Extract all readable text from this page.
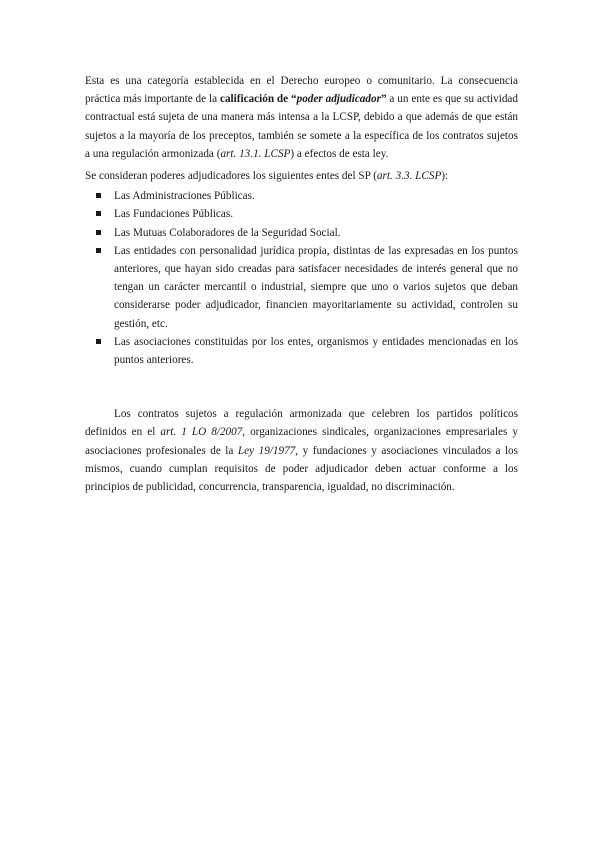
Esta es una categoría establecida en el Derecho europeo o comunitario. La consecuencia práctica más importante de la calificación de “poder adjudicador” a un ente es que su actividad contractual está sujeta de una manera más intensa a la LCSP, debido a que además de que están sujetos a la mayoría de los preceptos, también se somete a la específica de los contratos sujetos a una regulación armonizada (art. 13.1. LCSP) a efectos de esta ley.

Se consideran poderes adjudicadores los siguientes entes del SP (art. 3.3. LCSP):

Las Administraciones Públicas.
Las Fundaciones Públicas.
Las Mutuas Colaboradores de la Seguridad Social.
Las entidades con personalidad jurídica propia, distintas de las expresadas en los puntos anteriores, que hayan sido creadas para satisfacer necesidades de interés general que no tengan un carácter mercantil o industrial, siempre que uno o varios sujetos que deban considerarse poder adjudicador, financien mayoritariamente su actividad, controlen su gestión, etc.
Las asociaciones constituidas por los entes, organismos y entidades mencionadas en los puntos anteriores.

Los contratos sujetos a regulación armonizada que celebren los partidos políticos definidos en el art. 1 LO 8/2007, organizaciones sindicales, organizaciones empresariales y asociaciones profesionales de la Ley 19/1977, y fundaciones y asociaciones vinculados a los mismos, cuando cumplan requisitos de poder adjudicador deben actuar conforme a los principios de publicidad, concurrencia, transparencia, igualdad, no discriminación.
